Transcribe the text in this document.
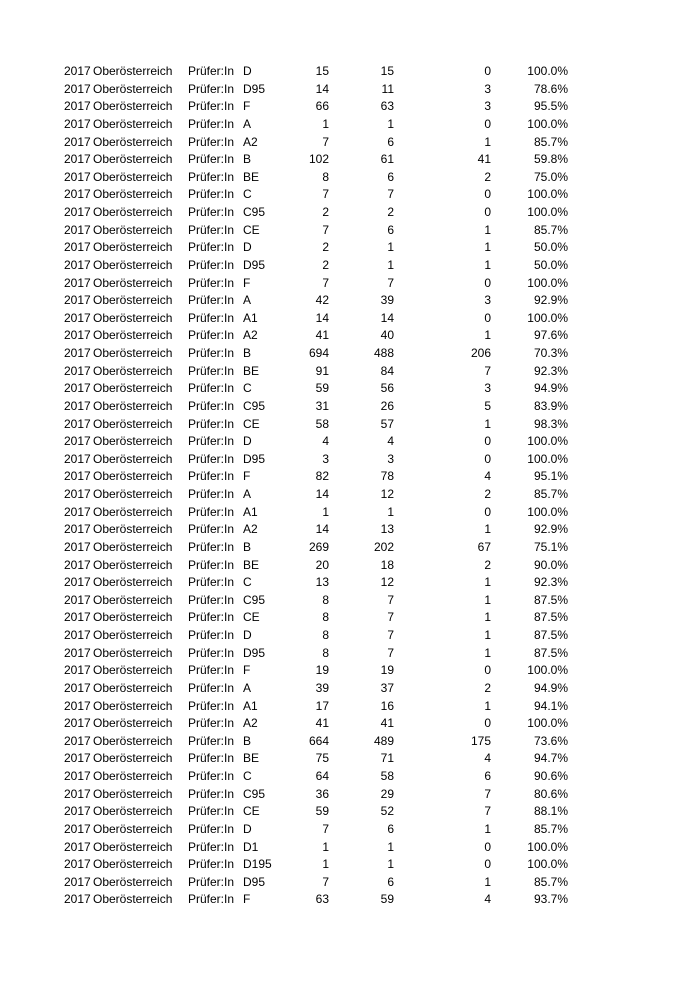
2017 Oberösterreich Prüfer:In D	15	15	0	100.0%
2017 Oberösterreich Prüfer:In D95	14	11	3	78.6%
2017 Oberösterreich Prüfer:In F	66	63	3	95.5%
2017 Oberösterreich Prüfer:In A	1	1	0	100.0%
2017 Oberösterreich Prüfer:In A2	7	6	1	85.7%
2017 Oberösterreich Prüfer:In B	102	61	41	59.8%
2017 Oberösterreich Prüfer:In BE	8	6	2	75.0%
2017 Oberösterreich Prüfer:In C	7	7	0	100.0%
2017 Oberösterreich Prüfer:In C95	2	2	0	100.0%
2017 Oberösterreich Prüfer:In CE	7	6	1	85.7%
2017 Oberösterreich Prüfer:In D	2	1	1	50.0%
2017 Oberösterreich Prüfer:In D95	2	1	1	50.0%
2017 Oberösterreich Prüfer:In F	7	7	0	100.0%
2017 Oberösterreich Prüfer:In A	42	39	3	92.9%
2017 Oberösterreich Prüfer:In A1	14	14	0	100.0%
2017 Oberösterreich Prüfer:In A2	41	40	1	97.6%
2017 Oberösterreich Prüfer:In B	694	488	206	70.3%
2017 Oberösterreich Prüfer:In BE	91	84	7	92.3%
2017 Oberösterreich Prüfer:In C	59	56	3	94.9%
2017 Oberösterreich Prüfer:In C95	31	26	5	83.9%
2017 Oberösterreich Prüfer:In CE	58	57	1	98.3%
2017 Oberösterreich Prüfer:In D	4	4	0	100.0%
2017 Oberösterreich Prüfer:In D95	3	3	0	100.0%
2017 Oberösterreich Prüfer:In F	82	78	4	95.1%
2017 Oberösterreich Prüfer:In A	14	12	2	85.7%
2017 Oberösterreich Prüfer:In A1	1	1	0	100.0%
2017 Oberösterreich Prüfer:In A2	14	13	1	92.9%
2017 Oberösterreich Prüfer:In B	269	202	67	75.1%
2017 Oberösterreich Prüfer:In BE	20	18	2	90.0%
2017 Oberösterreich Prüfer:In C	13	12	1	92.3%
2017 Oberösterreich Prüfer:In C95	8	7	1	87.5%
2017 Oberösterreich Prüfer:In CE	8	7	1	87.5%
2017 Oberösterreich Prüfer:In D	8	7	1	87.5%
2017 Oberösterreich Prüfer:In D95	8	7	1	87.5%
2017 Oberösterreich Prüfer:In F	19	19	0	100.0%
2017 Oberösterreich Prüfer:In A	39	37	2	94.9%
2017 Oberösterreich Prüfer:In A1	17	16	1	94.1%
2017 Oberösterreich Prüfer:In A2	41	41	0	100.0%
2017 Oberösterreich Prüfer:In B	664	489	175	73.6%
2017 Oberösterreich Prüfer:In BE	75	71	4	94.7%
2017 Oberösterreich Prüfer:In C	64	58	6	90.6%
2017 Oberösterreich Prüfer:In C95	36	29	7	80.6%
2017 Oberösterreich Prüfer:In CE	59	52	7	88.1%
2017 Oberösterreich Prüfer:In D	7	6	1	85.7%
2017 Oberösterreich Prüfer:In D1	1	1	0	100.0%
2017 Oberösterreich Prüfer:In D195	1	1	0	100.0%
2017 Oberösterreich Prüfer:In D95	7	6	1	85.7%
2017 Oberösterreich Prüfer:In F	63	59	4	93.7%
